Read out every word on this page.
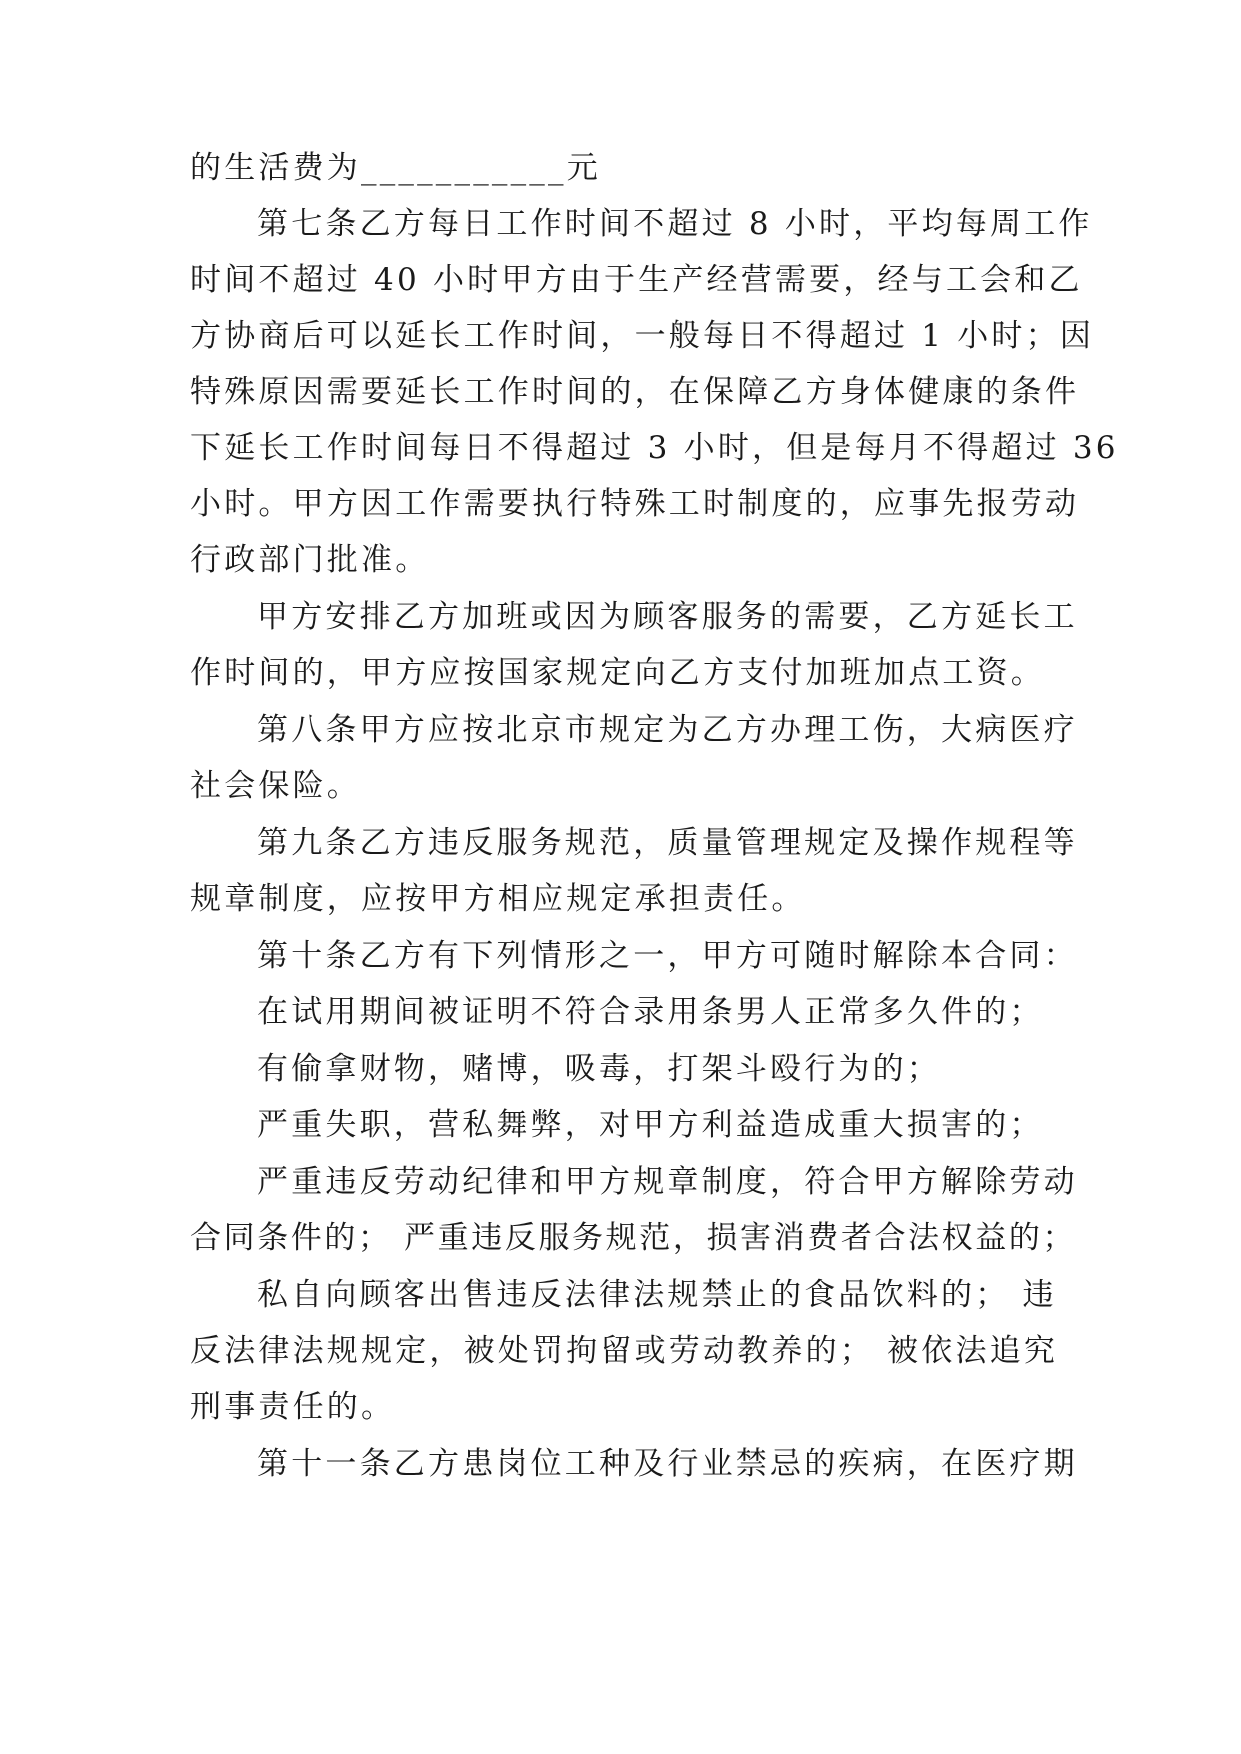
的生活费为___________元
第七条乙方每日工作时间不超过 8 小时，平均每周工作
时间不超过 40 小时甲方由于生产经营需要，经与工会和乙
方协商后可以延长工作时间，一般每日不得超过 1 小时；因
特殊原因需要延长工作时间的，在保障乙方身体健康的条件
下延长工作时间每日不得超过 3 小时，但是每月不得超过 36
小时。甲方因工作需要执行特殊工时制度的，应事先报劳动
行政部门批准。
甲方安排乙方加班或因为顾客服务的需要，乙方延长工
作时间的，甲方应按国家规定向乙方支付加班加点工资。
第八条甲方应按北京市规定为乙方办理工伤，大病医疗
社会保险。
第九条乙方违反服务规范，质量管理规定及操作规程等
规章制度，应按甲方相应规定承担责任。
第十条乙方有下列情形之一，甲方可随时解除本合同：
在试用期间被证明不符合录用条男人正常多久件的；
有偷拿财物，赌博，吸毒，打架斗殴行为的；
严重失职，营私舞弊，对甲方利益造成重大损害的；
严重违反劳动纪律和甲方规章制度，符合甲方解除劳动
合同条件的； 严重违反服务规范，损害消费者合法权益的；
私自向顾客出售违反法律法规禁止的食品饮料的； 违
反法律法规规定，被处罚拘留或劳动教养的； 被依法追究
刑事责任的。
第十一条乙方患岗位工种及行业禁忌的疾病，在医疗期
